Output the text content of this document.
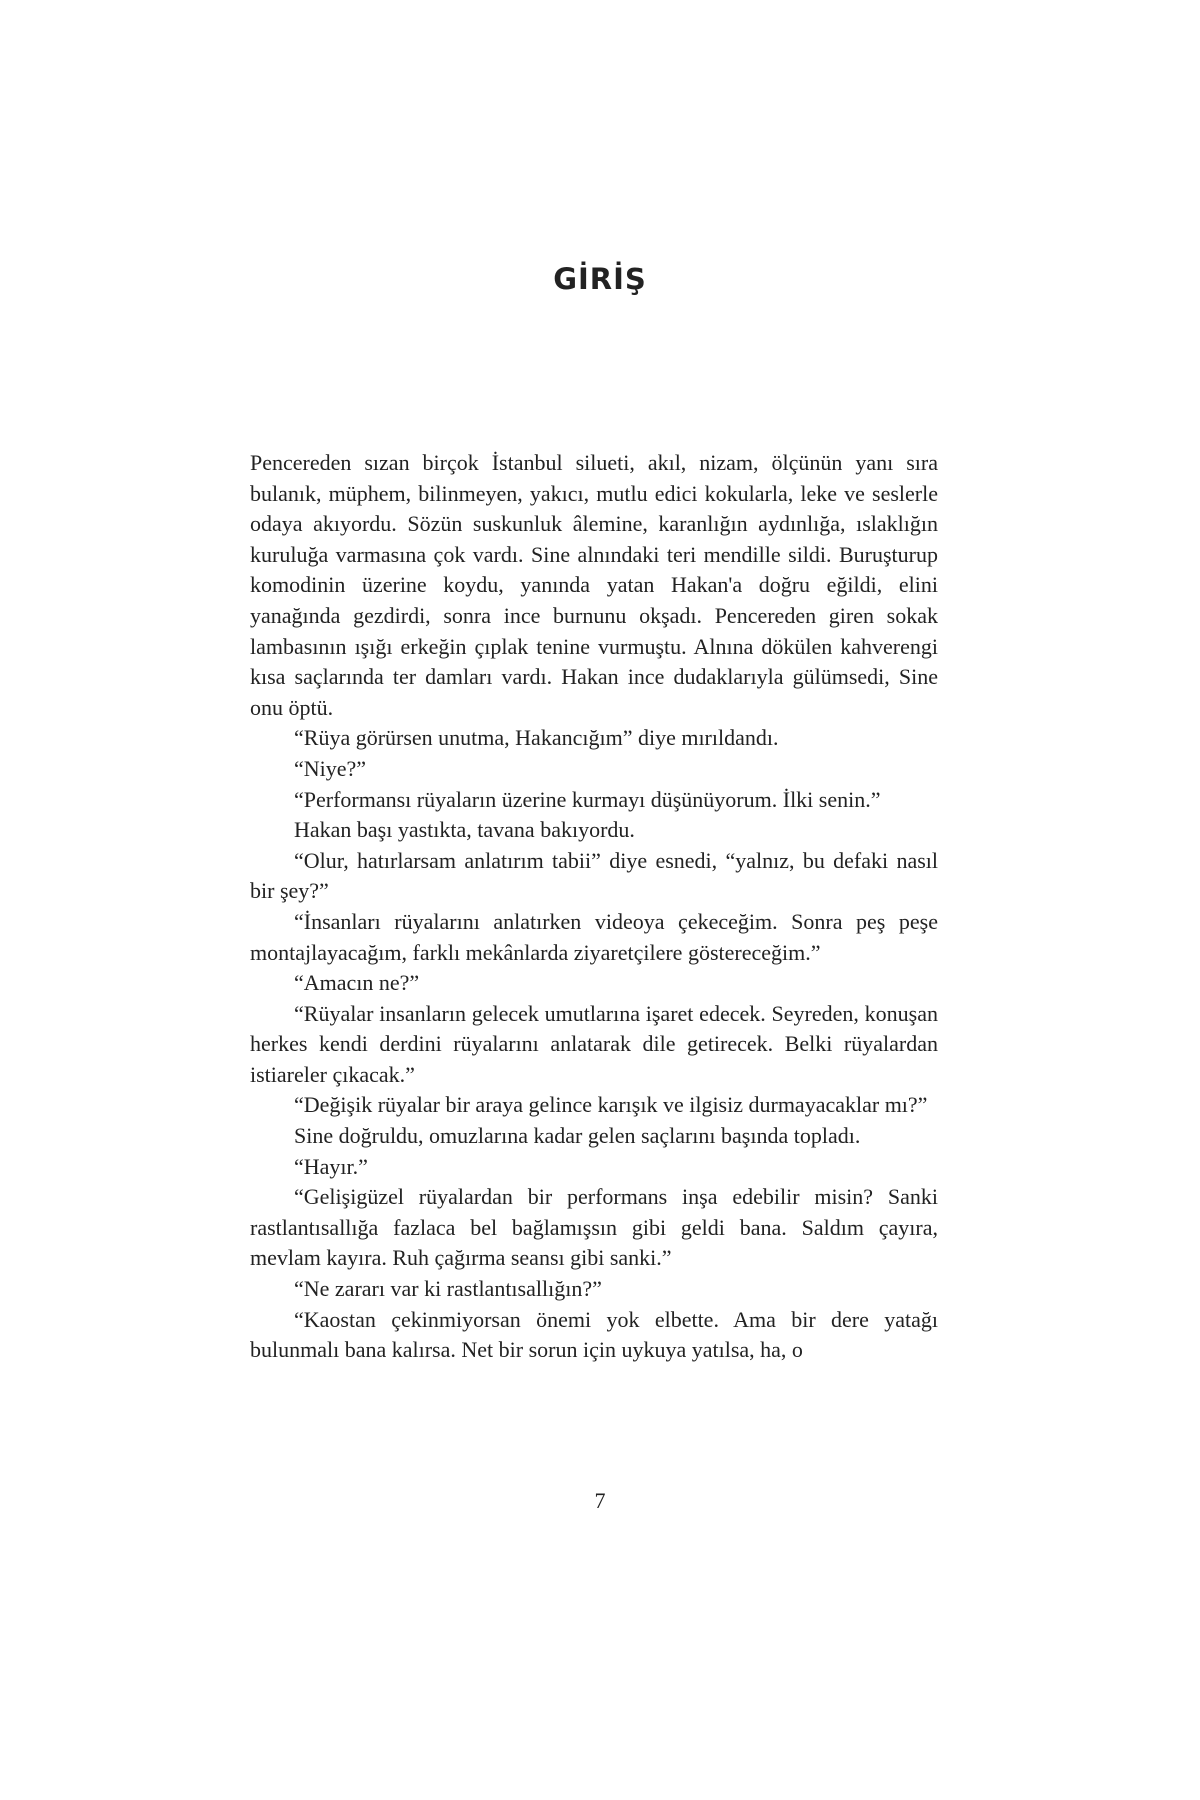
GİRİŞ

Pencereden sızan birçok İstanbul silueti, akıl, nizam, ölçünün yanı sıra bulanık, müphem, bilinmeyen, yakıcı, mutlu edici kokularla, leke ve seslerle odaya akıyordu. Sözün suskunluk âlemine, karanlığın aydınlığa, ıslaklığın kuruluğa varmasına çok vardı. Sine alnındaki teri mendille sildi. Buruşturup komodinin üzerine koydu, yanında yatan Hakan'a doğru eğildi, elini yanağında gezdirdi, sonra ince burnunu okşadı. Pencereden giren sokak lambasının ışığı erkeğin çıplak tenine vurmuştu. Alnına dökülen kahverengi kısa saçlarında ter damları vardı. Hakan ince dudaklarıyla gülümsedi, Sine onu öptü.

“Rüya görürsen unutma, Hakancığım” diye mırıldandı.

“Niye?”

“Performansı rüyaların üzerine kurmayı düşünüyorum. İlki senin.”

Hakan başı yastıkta, tavana bakıyordu.

“Olur, hatırlarsam anlatırım tabii” diye esnedi, “yalnız, bu defaki nasıl bir şey?”

“İnsanları rüyalarını anlatırken videoya çekeceğim. Sonra peş peşe montajlayacağım, farklı mekânlarda ziyaretçilere göstereceğim.”

“Amacın ne?”

“Rüyalar insanların gelecek umutlarına işaret edecek. Seyreden, konuşan herkes kendi derdini rüyalarını anlatarak dile getirecek. Belki rüyalardan istiareler çıkacak.”

“Değişik rüyalar bir araya gelince karışık ve ilgisiz durmayacaklar mı?”

Sine doğruldu, omuzlarına kadar gelen saçlarını başında topladı.

“Hayır.”

“Gelişigüzel rüyalardan bir performans inşa edebilir misin? Sanki rastlantısallığa fazlaca bel bağlamışsın gibi geldi bana. Saldım çayıra, mevlam kayıra. Ruh çağırma seansı gibi sanki.”

“Ne zararı var ki rastlantısallığın?”

“Kaostan çekinmiyorsan önemi yok elbette. Ama bir dere yatağı bulunmalı bana kalırsa. Net bir sorun için uykuya yatılsa, ha, o

7
